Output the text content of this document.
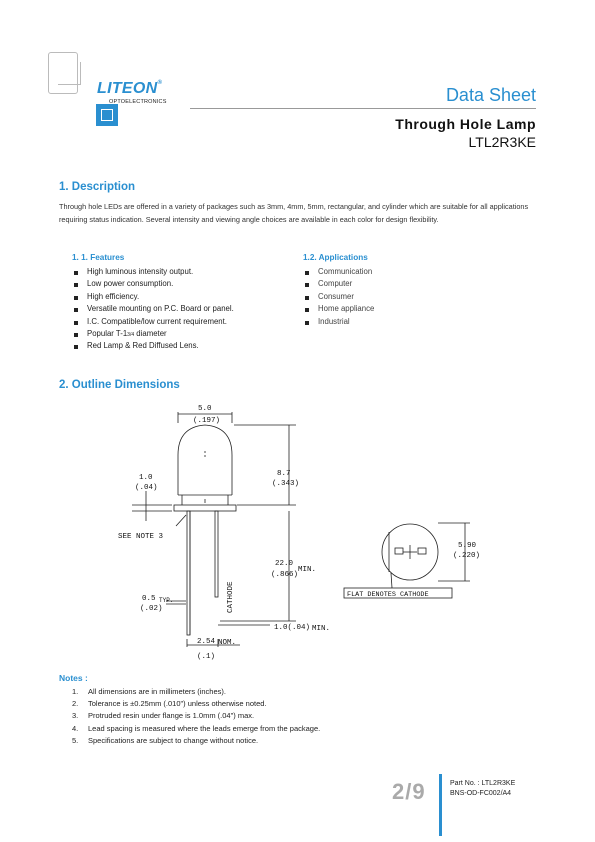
LITEON®
OPTOELECTRONICS	Data Sheet
Through Hole Lamp
LTL2R3KE
1. Description
Through hole LEDs are offered in a variety of packages such as 3mm, 4mm, 5mm, rectangular, and cylinder which are suitable for all applications requiring status indication. Several intensity and viewing angle choices are available in each color for design flexibility.
1. 1. Features
High luminous intensity output.
Low power consumption.
High efficiency.
Versatile mounting on P.C. Board or panel.
I.C. Compatible/low current requirement.
Popular T-13/4 diameter
Red Lamp & Red Diffused Lens.
1.2. Applications
Communication
Computer
Consumer
Home appliance
Industrial
2. Outline Dimensions
5.0
(.197)
8.7
(.343)
1.0
(.04)
SEE NOTE 3
22.0
MIN.
(.866)
0.5 TYP.
(.02)	CATHODE
1.0(.04) MIN.
2.54 NOM.
(.1)
5.90
(.220)
FLAT DENOTES CATHODE
Notes :
1. All dimensions are in millimeters (inches).
2. Tolerance is ±0.25mm (.010") unless otherwise noted.
3. Protruded resin under flange is 1.0mm (.04") max.
4. Lead spacing is measured where the leads emerge from the package.
5. Specifications are subject to change without notice.
2/9	Part No. : LTL2R3KE
BNS-OD-FC002/A4
